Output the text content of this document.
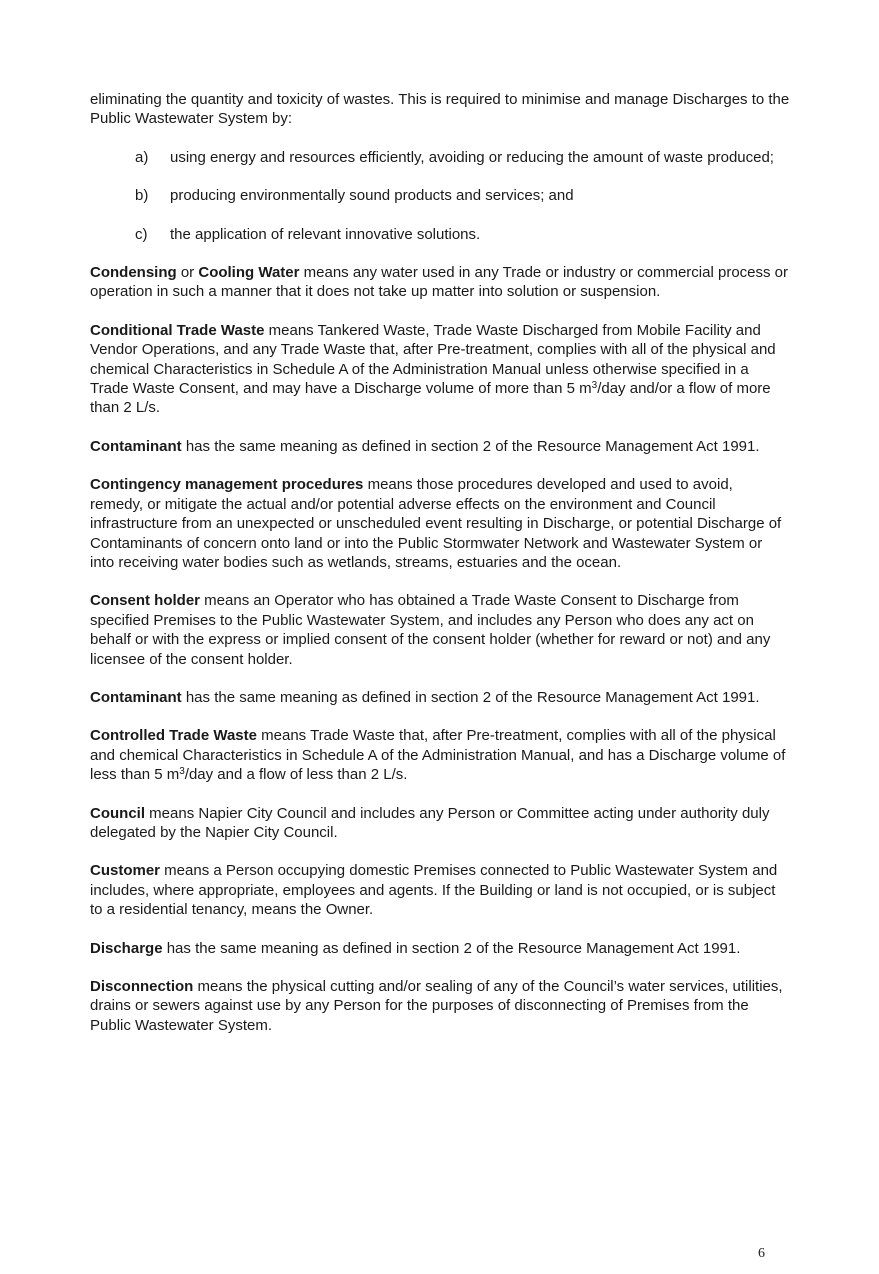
eliminating the quantity and toxicity of wastes. This is required to minimise and manage Discharges to the Public Wastewater System by:

a) using energy and resources efficiently, avoiding or reducing the amount of waste produced;
b) producing environmentally sound products and services; and
c) the application of relevant innovative solutions.

Condensing or Cooling Water means any water used in any Trade or industry or commercial process or operation in such a manner that it does not take up matter into solution or suspension.

Conditional Trade Waste means Tankered Waste, Trade Waste Discharged from Mobile Facility and Vendor Operations, and any Trade Waste that, after Pre-treatment, complies with all of the physical and chemical Characteristics in Schedule A of the Administration Manual unless otherwise specified in a Trade Waste Consent, and may have a Discharge volume of more than 5 $m^3$/day and/or a flow of more than 2 L/s.

Contaminant has the same meaning as defined in section 2 of the Resource Management Act 1991.

Contingency management procedures means those procedures developed and used to avoid, remedy, or mitigate the actual and/or potential adverse effects on the environment and Council infrastructure from an unexpected or unscheduled event resulting in Discharge, or potential Discharge of Contaminants of concern onto land or into the Public Stormwater Network and Wastewater System or into receiving water bodies such as wetlands, streams, estuaries and the ocean.

Consent holder means an Operator who has obtained a Trade Waste Consent to Discharge from specified Premises to the Public Wastewater System, and includes any Person who does any act on behalf or with the express or implied consent of the consent holder (whether for reward or not) and any licensee of the consent holder.

Contaminant has the same meaning as defined in section 2 of the Resource Management Act 1991.

Controlled Trade Waste means Trade Waste that, after Pre-treatment, complies with all of the physical and chemical Characteristics in Schedule A of the Administration Manual, and has a Discharge volume of less than 5 $m^3$/day and a flow of less than 2 L/s.

Council means Napier City Council and includes any Person or Committee acting under authority duly delegated by the Napier City Council.

Customer means a Person occupying domestic Premises connected to Public Wastewater System and includes, where appropriate, employees and agents. If the Building or land is not occupied, or is subject to a residential tenancy, means the Owner.

Discharge has the same meaning as defined in section 2 of the Resource Management Act 1991.

Disconnection means the physical cutting and/or sealing of any of the Council’s water services, utilities, drains or sewers against use by any Person for the purposes of disconnecting of Premises from the Public Wastewater System.

6
